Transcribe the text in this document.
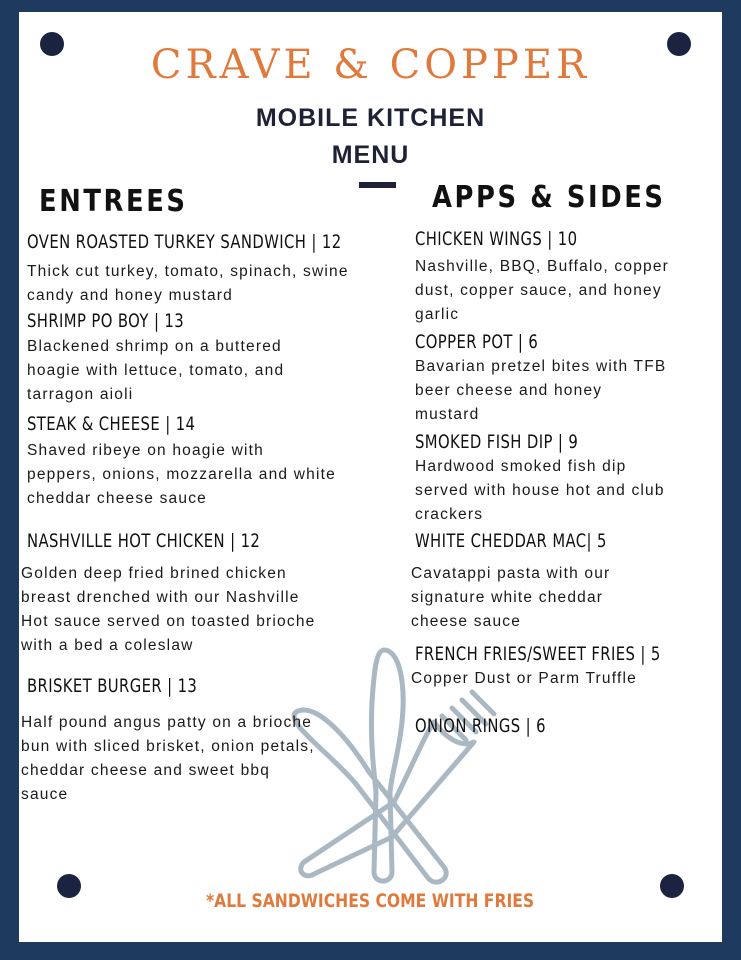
CRAVE & COPPER
MOBILE KITCHEN
MENU
ENTREES	APPS & SIDES
OVEN ROASTED TURKEY SANDWICH | 12
Thick cut turkey, tomato, spinach, swine
candy and honey mustard
SHRIMP PO BOY | 13
Blackened shrimp on a buttered
hoagie with lettuce, tomato, and
tarragon aioli
STEAK & CHEESE | 14
Shaved ribeye on hoagie with
peppers, onions, mozzarella and white
cheddar cheese sauce
NASHVILLE HOT CHICKEN | 12
Golden deep fried brined chicken
breast drenched with our Nashville
Hot sauce served on toasted brioche
with a bed a coleslaw
BRISKET BURGER | 13
Half pound angus patty on a brioche
bun with sliced brisket, onion petals,
cheddar cheese and sweet bbq
sauce
CHICKEN WINGS | 10
Nashville, BBQ, Buffalo, copper
dust, copper sauce, and honey
garlic
COPPER POT | 6
Bavarian pretzel bites with TFB
beer cheese and honey
mustard
SMOKED FISH DIP | 9
Hardwood smoked fish dip
served with house hot and club
crackers
WHITE CHEDDAR MAC| 5
Cavatappi pasta with our
signature white cheddar
cheese sauce
FRENCH FRIES/SWEET FRIES | 5
Copper Dust or Parm Truffle
ONION RINGS | 6
*ALL SANDWICHES COME WITH FRIES
